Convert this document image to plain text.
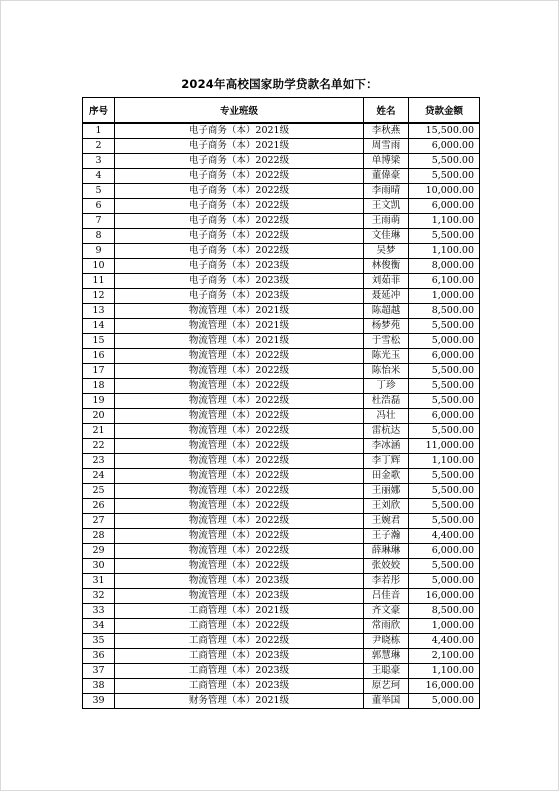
2024年高校国家助学贷款名单如下：
序号	专业班级	姓名	贷款金额
1	电子商务（本）2021级	李秋燕	15,500.00
2	电子商务（本）2021级	周雪雨	6,000.00
3	电子商务（本）2022级	单博梁	5,500.00
4	电子商务（本）2022级	董偉豪	5,500.00
5	电子商务（本）2022级	李雨晴	10,000.00
6	电子商务（本）2022级	王文凯	6,000.00
7	电子商务（本）2022级	王雨萌	1,100.00
8	电子商务（本）2022级	文佳琳	5,500.00
9	电子商务（本）2022级	吴梦	1,100.00
10	电子商务（本）2023级	林俊衡	8,000.00
11	电子商务（本）2023级	刘茹菲	6,100.00
12	电子商务（本）2023级	聂延冲	1,000.00
13	物流管理（本）2021级	陈超越	8,500.00
14	物流管理（本）2021级	杨梦苑	5,500.00
15	物流管理（本）2021级	于雪松	5,000.00
16	物流管理（本）2022级	陈光玉	6,000.00
17	物流管理（本）2022级	陈怡米	5,500.00
18	物流管理（本）2022级	丁珍	5,500.00
19	物流管理（本）2022级	杜浩磊	5,500.00
20	物流管理（本）2022级	冯壮	6,000.00
21	物流管理（本）2022级	雷杭达	5,500.00
22	物流管理（本）2022级	李冰涵	11,000.00
23	物流管理（本）2022级	李丁辉	1,100.00
24	物流管理（本）2022级	田金歌	5,500.00
25	物流管理（本）2022级	王丽娜	5,500.00
26	物流管理（本）2022级	王刘欣	5,500.00
27	物流管理（本）2022级	王婉君	5,500.00
28	物流管理（本）2022级	王子瀚	4,400.00
29	物流管理（本）2022级	薛琳琳	6,000.00
30	物流管理（本）2022级	张姣姣	5,500.00
31	物流管理（本）2023级	李若彤	5,000.00
32	物流管理（本）2023级	吕佳音	16,000.00
33	工商管理（本）2021级	齐文豪	8,500.00
34	工商管理（本）2022级	常雨欣	1,000.00
35	工商管理（本）2022级	尹晓栋	4,400.00
36	工商管理（本）2023级	郭慧琳	2,100.00
37	工商管理（本）2023级	王聪豪	1,100.00
38	工商管理（本）2023级	原艺珂	16,000.00
39	财务管理（本）2021级	董举国	5,000.00
